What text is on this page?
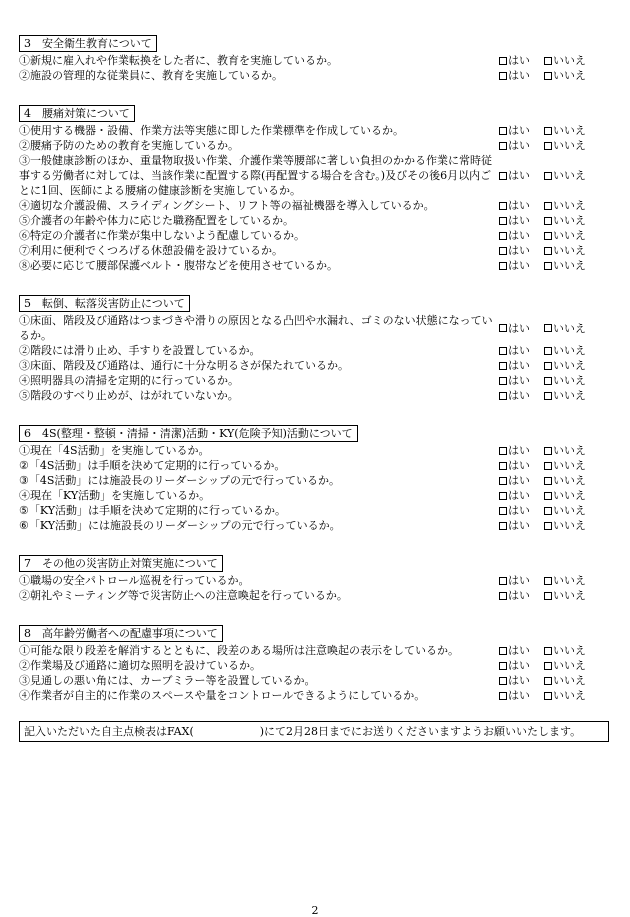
3　安全衛生教育について
①新規に雇入れや作業転換をした者に、教育を実施しているか。	はい いいえ
②施設の管理的な従業員に、教育を実施しているか。	はい いいえ
4　腰痛対策について
①使用する機器・設備、作業方法等実態に即した作業標準を作成しているか。	はい いいえ
②腰痛予防のための教育を実施しているか。	はい いいえ
③一般健康診断のほか、重量物取扱い作業、介護作業等腰部に著しい負担のかかる作業に常時従事する労働者に対しては、当該作業に配置する際(再配置する場合を含む。)及びその後6月以内ごとに1回、医師による腰痛の健康診断を実施しているか。
はい いいえ
④適切な介護設備、スライディングシート、リフト等の福祉機器を導入しているか。	はい いいえ
⑤介護者の年齢や体力に応じた職務配置をしているか。	はい いいえ
⑥特定の介護者に作業が集中しないよう配慮しているか。	はい いいえ
⑦利用に便利でくつろげる休憩設備を設けているか。	はい いいえ
⑧必要に応じて腰部保護ベルト・腹帯などを使用させているか。	はい いいえ
5　転倒、転落災害防止について
①床面、階段及び通路はつまづきや滑りの原因となる凸凹や水漏れ、ゴミのない状態になっているか。
はい いいえ
②階段には滑り止め、手すりを設置しているか。	はい いいえ
③床面、階段及び通路は、通行に十分な明るさが保たれているか。	はい いいえ
④照明器具の清掃を定期的に行っているか。	はい いいえ
⑤階段のすべり止めが、はがれていないか。	はい いいえ
6　4S(整理・整頓・清掃・清潔)活動・KY(危険予知)活動について
①現在「4S活動」を実施しているか。	はい いいえ
②「4S活動」は手順を決めて定期的に行っているか。	はい いいえ
③「4S活動」には施設長のリーダーシップの元で行っているか。	はい いいえ
④現在「KY活動」を実施しているか。	はい いいえ
⑤「KY活動」は手順を決めて定期的に行っているか。	はい いいえ
⑥「KY活動」には施設長のリーダーシップの元で行っているか。	はい いいえ
7　その他の災害防止対策実施について
①職場の安全パトロール巡視を行っているか。	はい いいえ
②朝礼やミーティング等で災害防止への注意喚起を行っているか。	はい いいえ
8　高年齢労働者への配慮事項について
①可能な限り段差を解消するとともに、段差のある場所は注意喚起の表示をしているか。	はい いいえ
②作業場及び通路に適切な照明を設けているか。	はい いいえ
③見通しの悪い角には、カーブミラー等を設置しているか。	はい いいえ
④作業者が自主的に作業のスペースや量をコントロールできるようにしているか。	はい いいえ
記入いただいた自主点検表はFAX(　　　　　　)にて2月28日までにお送りくださいますようお願いいたします。
2
